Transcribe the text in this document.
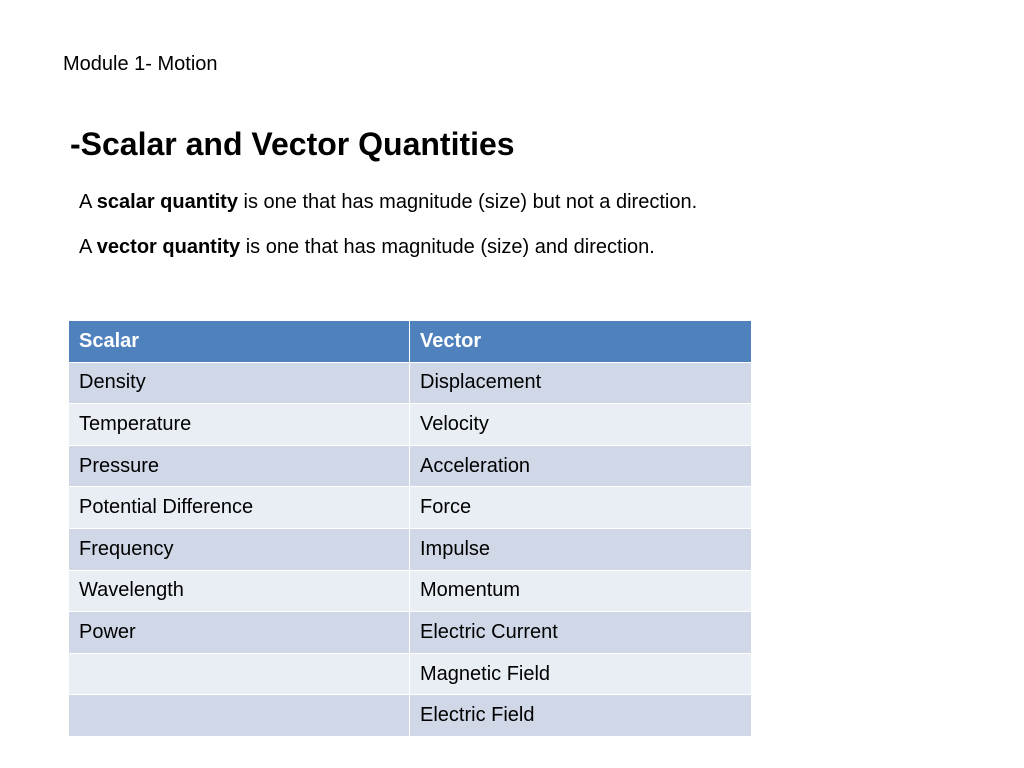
Module 1- Motion
-Scalar and Vector Quantities
A scalar quantity is one that has magnitude (size) but not a direction.
A vector quantity is one that has magnitude (size) and direction.
Scalar	Vector
Density	Displacement
Temperature	Velocity
Pressure	Acceleration
Potential Difference	Force
Frequency	Impulse
Wavelength	Momentum
Power	Electric Current
	Magnetic Field
	Electric Field
